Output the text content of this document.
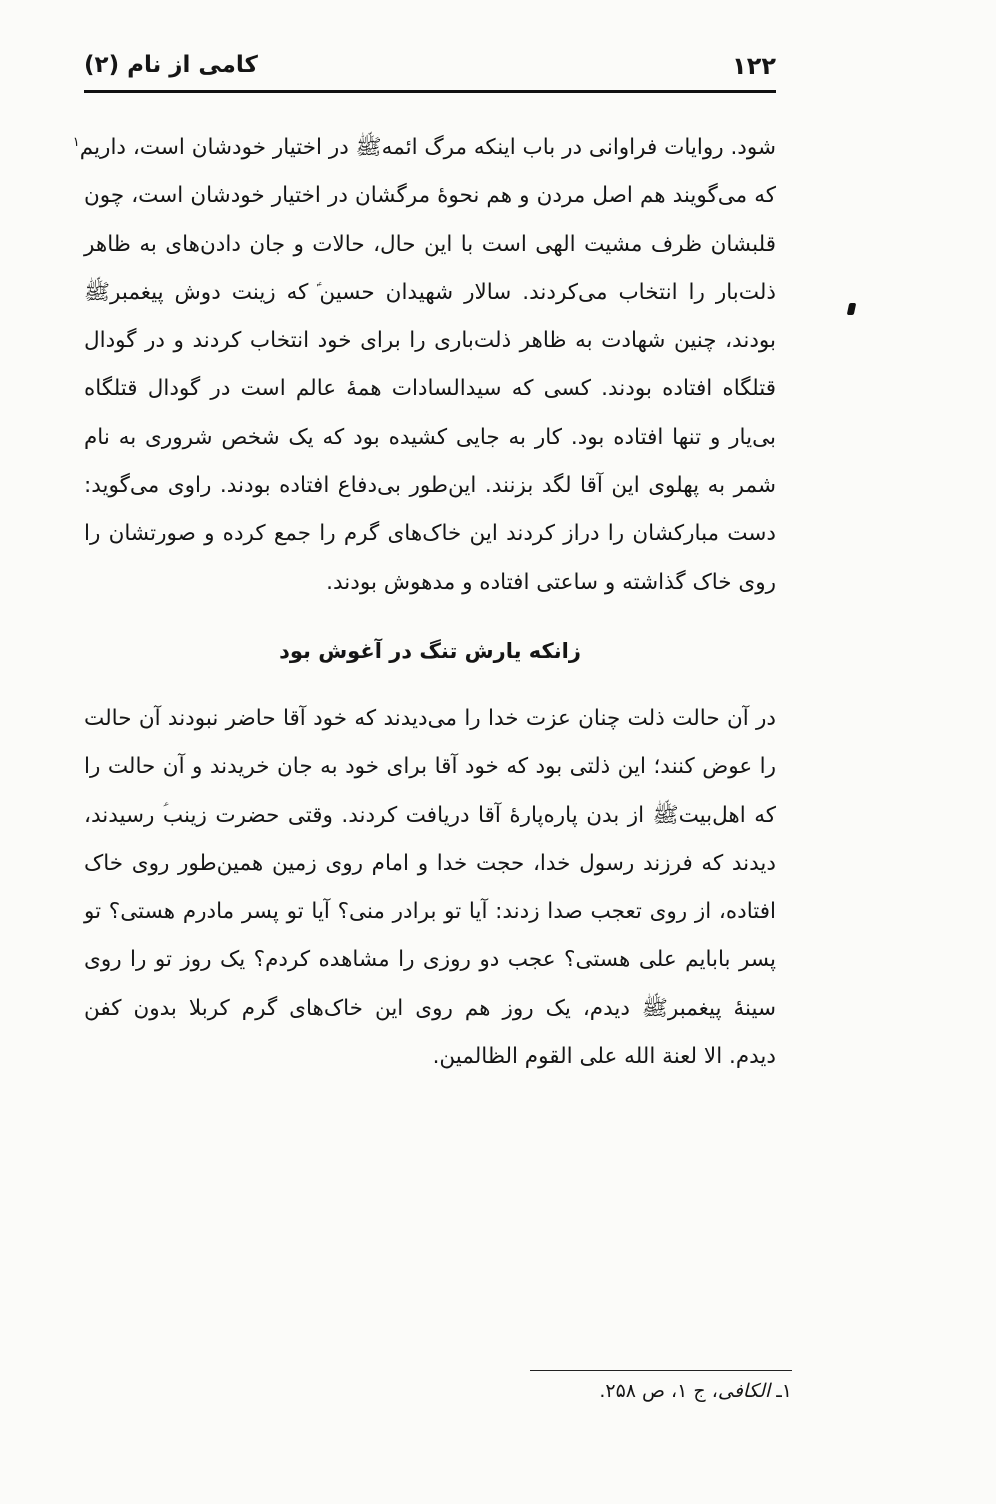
۱۲۲
کامی از نام (۲)

شود. روایات فراوانی در باب اینکه مرگ ائمه‌ﷺ در اختیار خودشان است، داریم$^۱$
که می‌گویند هم اصل مردن و هم نحوهٔ مرگشان در اختیار خودشان است، چون
قلبشان ظرف مشیت الهی است با این حال، حالات و جان دادن‌های به ظاهر
ذلت‌بار را انتخاب می‌کردند. سالار شهیدان حسین‌ؑ که زینت دوش پیغمبرﷺ
بودند، چنین شهادت به ظاهر ذلت‌باری را برای خود انتخاب کردند و در گودال
قتلگاه افتاده بودند. کسی که سیدالسادات همهٔ عالم است در گودال قتلگاه
بی‌یار و تنها افتاده بود. کار به جایی کشیده بود که یک شخص شروری به نام
شمر به پهلوی این آقا لگد بزنند. این‌طور بی‌دفاع افتاده بودند. راوی می‌گوید:
دست مبارکشان را دراز کردند این خاک‌های گرم را جمع کرده و صورتشان را
روی خاک گذاشته و ساعتی افتاده و مدهوش بودند.

زانکه یارش تنگ در آغوش بود

در آن حالت ذلت چنان عزت خدا را می‌دیدند که خود آقا حاضر نبودند آن حالت
را عوض کنند؛ این ذلتی بود که خود آقا برای خود به جان خریدند و آن حالت را
که اهل‌بیت‌ﷺ از بدن پاره‌پارهٔ آقا دریافت کردند. وقتی حضرت زینب‌ؑ رسیدند،
دیدند که فرزند رسول خدا، حجت خدا و امام روی زمین همین‌طور روی خاک
افتاده، از روی تعجب صدا زدند: آیا تو برادر منی؟ آیا تو پسر مادرم هستی؟ تو
پسر بابایم علی هستی؟ عجب دو روزی را مشاهده کردم؟ یک روز تو را روی
سینهٔ پیغمبرﷺ دیدم، یک روز هم روی این خاک‌های گرم کربلا بدون کفن
دیدم. الا لعنة الله علی القوم الظالمین.

۱ـ الکافی، ج ۱، ص ۲۵۸.
